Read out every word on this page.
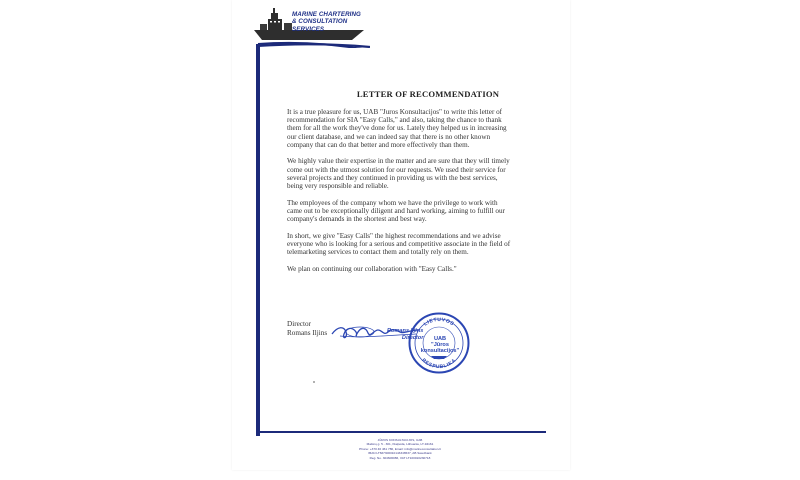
MARINE CHARTERING
& CONSULTATION
SERVICES
LETTER OF RECOMMENDATION

It is a true pleasure for us, UAB "Juros Konsultacijos" to write this letter of
recommendation for SIA "Easy Calls," and also, taking the chance to thank
them for all the work they've done for us. Lately they helped us in increasing
our client database, and we can indeed say that there is no other known
company that can do that better and more effectively than them.

We highly value their expertise in the matter and are sure that they will timely
come out with the utmost solution for our requests. We used their service for
several projects and they continued in providing us with the best services,
being very responsible and reliable.

The employees of the company whom we have the privilege to work with
came out to be exceptionally diligent and hard working, aiming to fulfill our
company's demands in the shortest and best way.

In short, we give "Easy Calls" the highest recommendations and we advise
everyone who is looking for a serious and competitive associate in the field of
telemarketing services to contact them and totally rely on them.

We plan on continuing our collaboration with "Easy Calls."

Director
Romans Iljins	Romans Iljins
Director
LIETUVOS
RESPUBLIKA
UAB
"Jūros
konsultacijos"
JŪROS KONSULTACIJOS, UAB
Malūnų g. 5 - 301, Klaipėda, Lithuania, LT-94161
Phone: +370 46 461 786, Email: info@marineconsultation.lt
IBAN LT667300010143346537, AB Swedbank
Reg. No. 304606086, VAT LT100010230718
